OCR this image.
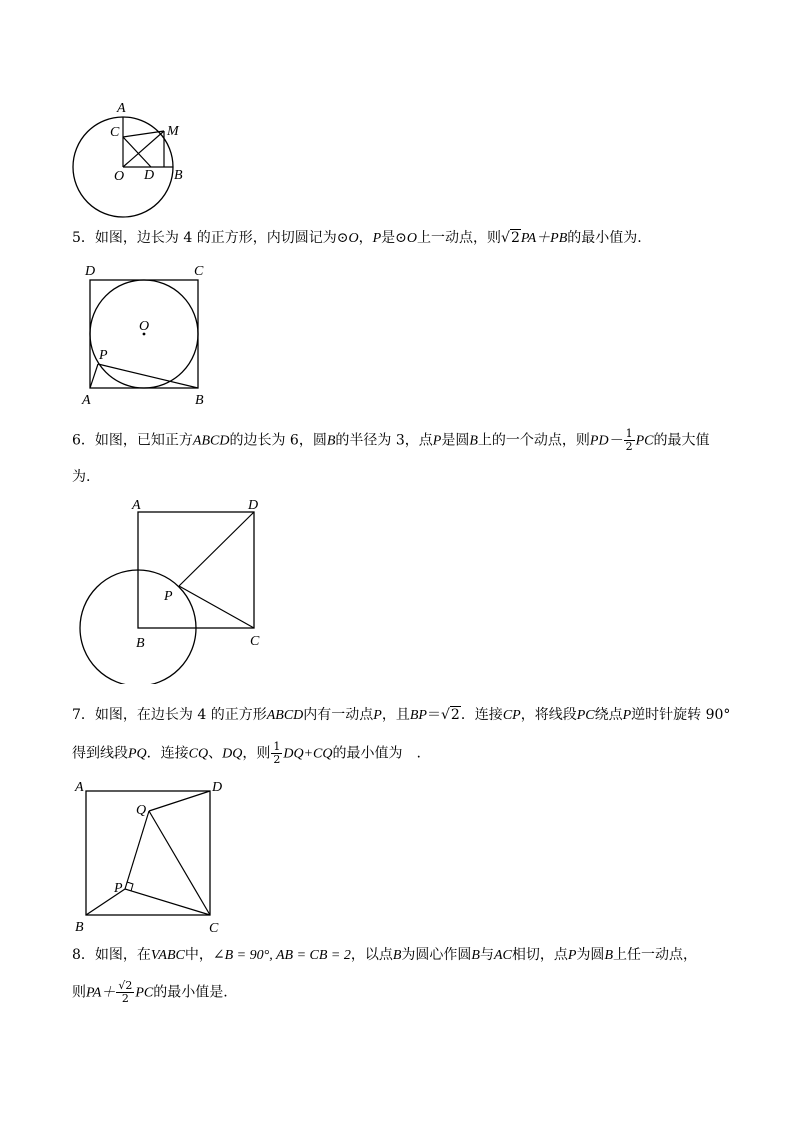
A
C	M
O D B
5．如图，边长为 4 的正方形，内切圆记为⊙O，P是⊙O上一动点，则√2PA＋PB的最小值为.
D	C
O
P
A	B
6．如图，已知正方ABCD的边长为 6，圆B的半径为 3，点P是圆B上的一个动点，则$PD- \frac{1}{2}$ PC的最大值
为.
A	D
P
B	C
7．如图，在边长为 4 的正方形ABCD内有一动点P，且BP＝√2．连接CP，将线段PC绕点P逆时针旋转 90°
得到线段PQ．连接CQ、DQ，则 $\frac{1}{2} DQ+CQ$的最小值为　.
A	D
Q
P
B	C
8．如图，在VABC中，∠B = 90°, AB = CB = 2，以点B为圆心作圆B与AC相切，点P为圆B上任一动点，
则$PA+ \frac{√2}{2}$ PC的最小值是.
